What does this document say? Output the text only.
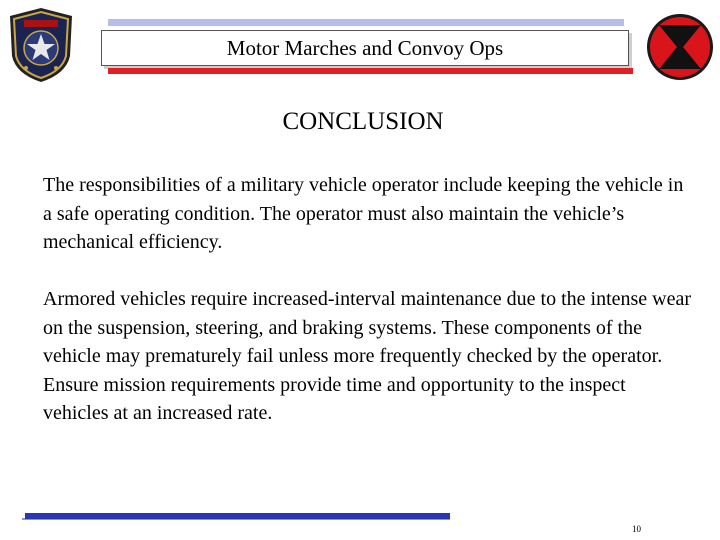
Motor Marches and Convoy Ops
CONCLUSION

The responsibilities of a military vehicle operator include keeping the vehicle in a safe operating condition. The operator must also maintain the vehicle’s mechanical efficiency.

Armored vehicles require increased-interval maintenance due to the intense wear on the suspension, steering, and braking systems. These components of the vehicle may prematurely fail unless more frequently checked by the operator. Ensure mission requirements provide time and opportunity to the inspect vehicles at an increased rate.

10
